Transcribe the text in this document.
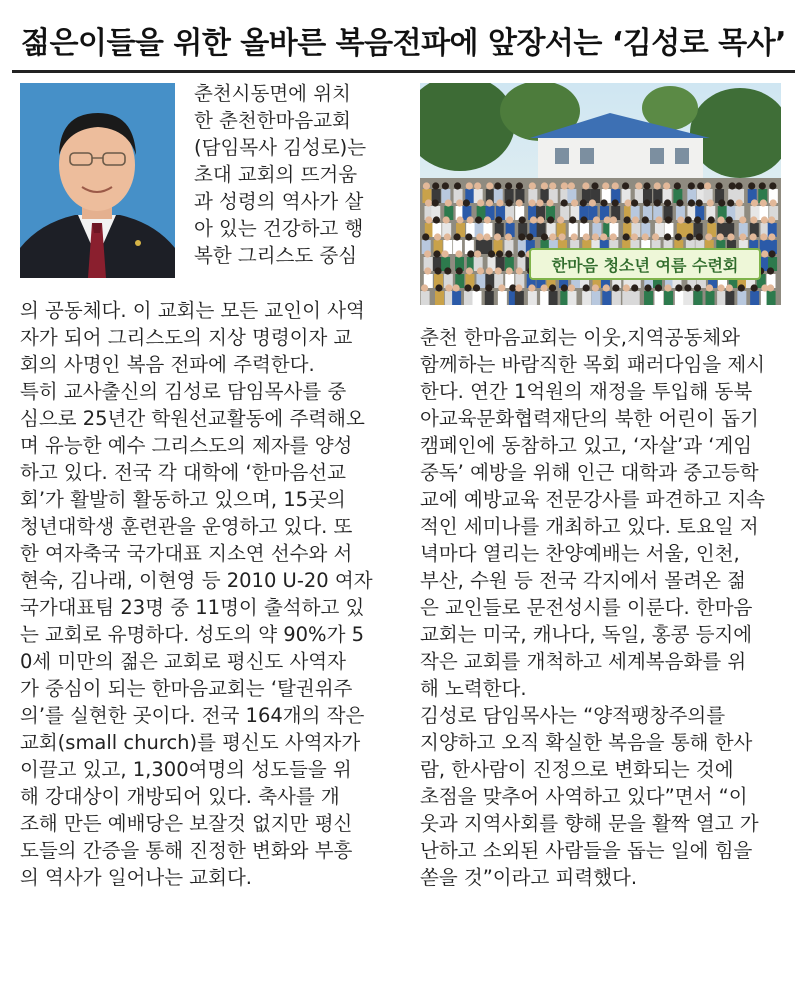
젊은이들을 위한 올바른 복음전파에 앞장서는 ‘김성로 목사’
한마음 청소년 여름 수련회
춘천시동면에 위치
한 춘천한마음교회
(담임목사 김성로)는
초대 교회의 뜨거움
과 성령의 역사가 살
아 있는 건강하고 행
복한 그리스도 중심
의 공동체다. 이 교회는 모든 교인이 사역
자가 되어 그리스도의 지상 명령이자 교
회의 사명인 복음 전파에 주력한다.
특히 교사출신의 김성로 담임목사를 중
심으로 25년간 학원선교활동에 주력해오
며 유능한 예수 그리스도의 제자를 양성
하고 있다. 전국 각 대학에 ‘한마음선교
회’가 활발히 활동하고 있으며, 15곳의
청년대학생 훈련관을 운영하고 있다. 또
한 여자축국 국가대표 지소연 선수와 서
현숙, 김나래, 이현영 등 2010 U-20 여자
국가대표팀 23명 중 11명이 출석하고 있
는 교회로 유명하다. 성도의 약 90%가 5
0세 미만의 젊은 교회로 평신도 사역자
가 중심이 되는 한마음교회는 ‘탈권위주
의’를 실현한 곳이다. 전국 164개의 작은
교회(small church)를 평신도 사역자가
이끌고 있고, 1,300여명의 성도들을 위
해 강대상이 개방되어 있다. 축사를 개
조해 만든 예배당은 보잘것 없지만 평신
도들의 간증을 통해 진정한 변화와 부흥
의 역사가 일어나는 교회다.
춘천 한마음교회는 이웃,지역공동체와
함께하는 바람직한 목회 패러다임을 제시
한다. 연간 1억원의 재정을 투입해 동북
아교육문화협력재단의 북한 어린이 돕기
캠페인에 동참하고 있고, ‘자살’과 ‘게임
중독’ 예방을 위해 인근 대학과 중고등학
교에 예방교육 전문강사를 파견하고 지속
적인 세미나를 개최하고 있다. 토요일 저
녁마다 열리는 찬양예배는 서울, 인천,
부산, 수원 등 전국 각지에서 몰려온 젊
은 교인들로 문전성시를 이룬다. 한마음
교회는 미국, 캐나다, 독일, 홍콩 등지에
작은 교회를 개척하고 세계복음화를 위
해 노력한다.
김성로 담임목사는 “양적팽창주의를
지양하고 오직 확실한 복음을 통해 한사
람, 한사람이 진정으로 변화되는 것에
초점을 맞추어 사역하고 있다”면서 “이
웃과 지역사회를 향해 문을 활짝 열고 가
난하고 소외된 사람들을 돕는 일에 힘을
쏟을 것”이라고 피력했다.
